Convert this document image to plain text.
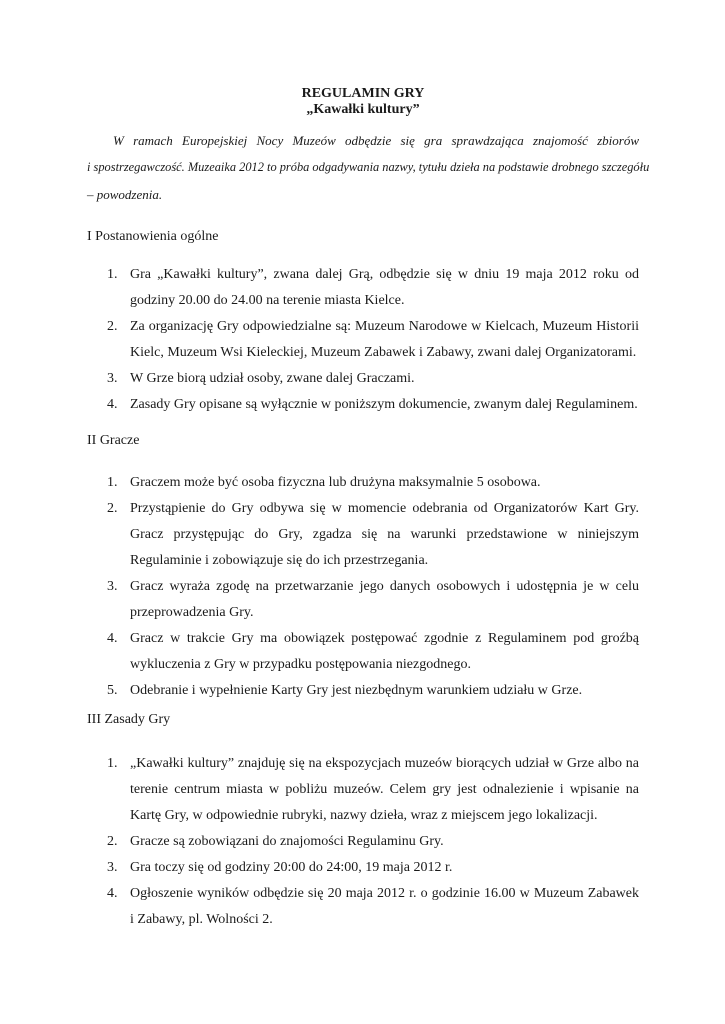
REGULAMIN GRY
„Kawałki kultury”
W ramach Europejskiej Nocy Muzeów odbędzie się gra sprawdzająca znajomość zbiorów
i spostrzegawczość. Muzeaika 2012 to próba odgadywania nazwy, tytułu dzieła na podstawie drobnego szczegółu
– powodzenia.
I Postanowienia ogólne
1. Gra „Kawałki kultury”, zwana dalej Grą, odbędzie się w dniu 19 maja 2012 roku od
godziny 20.00 do 24.00 na terenie miasta Kielce.
2. Za organizację Gry odpowiedzialne są: Muzeum Narodowe w Kielcach, Muzeum Historii
Kielc, Muzeum Wsi Kieleckiej, Muzeum Zabawek i Zabawy, zwani dalej Organizatorami.
3. W Grze biorą udział osoby, zwane dalej Graczami.
4. Zasady Gry opisane są wyłącznie w poniższym dokumencie, zwanym dalej Regulaminem.
II Gracze
1. Graczem może być osoba fizyczna lub drużyna maksymalnie 5 osobowa.
2. Przystąpienie do Gry odbywa się w momencie odebrania od Organizatorów Kart Gry.
Gracz przystępując do Gry, zgadza się na warunki przedstawione w niniejszym
Regulaminie i zobowiązuje się do ich przestrzegania.
3. Gracz wyraża zgodę na przetwarzanie jego danych osobowych i udostępnia je w celu
przeprowadzenia Gry.
4. Gracz w trakcie Gry ma obowiązek postępować zgodnie z Regulaminem pod groźbą
wykluczenia z Gry w przypadku postępowania niezgodnego.
5. Odebranie i wypełnienie Karty Gry jest niezbędnym warunkiem udziału w Grze.
III Zasady Gry
1. „Kawałki kultury” znajduję się na ekspozycjach muzeów biorących udział w Grze albo na
terenie centrum miasta w pobliżu muzeów. Celem gry jest odnalezienie i wpisanie na
Kartę Gry, w odpowiednie rubryki, nazwy dzieła, wraz z miejscem jego lokalizacji.
2. Gracze są zobowiązani do znajomości Regulaminu Gry.
3. Gra toczy się od godziny 20:00 do 24:00, 19 maja 2012 r.
4. Ogłoszenie wyników odbędzie się 20 maja 2012 r. o godzinie 16.00 w Muzeum Zabawek
i Zabawy, pl. Wolności 2.
